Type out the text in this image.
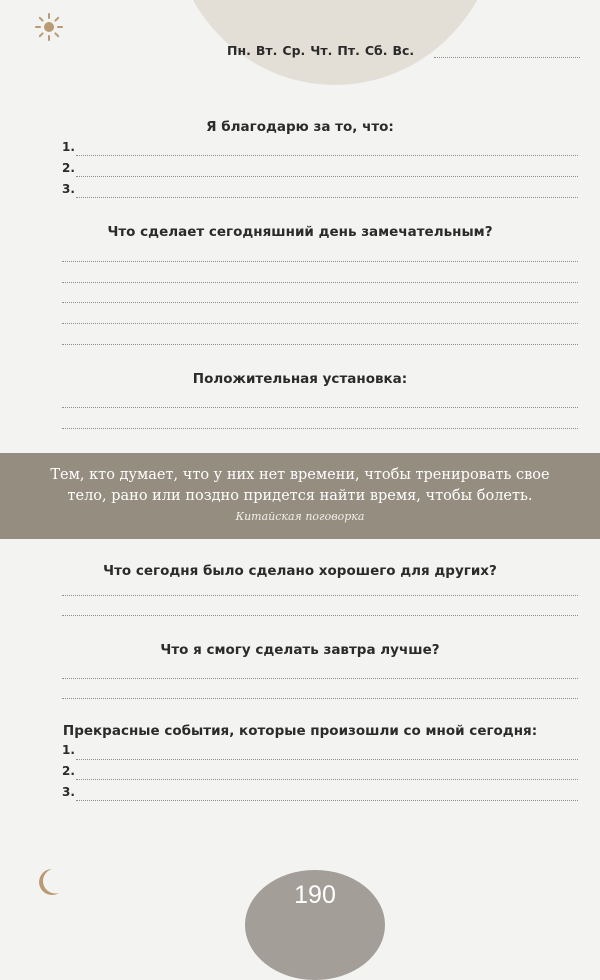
Пн. Вт. Ср. Чт. Пт. Сб. Вс.
Я благодарю за то, что:
1.
2.
3.
Что сделает сегодняшний день замечательным?
Положительная установка:
Тем, кто думает, что у них нет времени, чтобы тренировать свое
тело, рано или поздно придется найти время, чтобы болеть.
Китайская поговорка
Что сегодня было сделано хорошего для других?
Что я смогу сделать завтра лучше?
Прекрасные события, которые произошли со мной сегодня:
1.
2.
3.
190
